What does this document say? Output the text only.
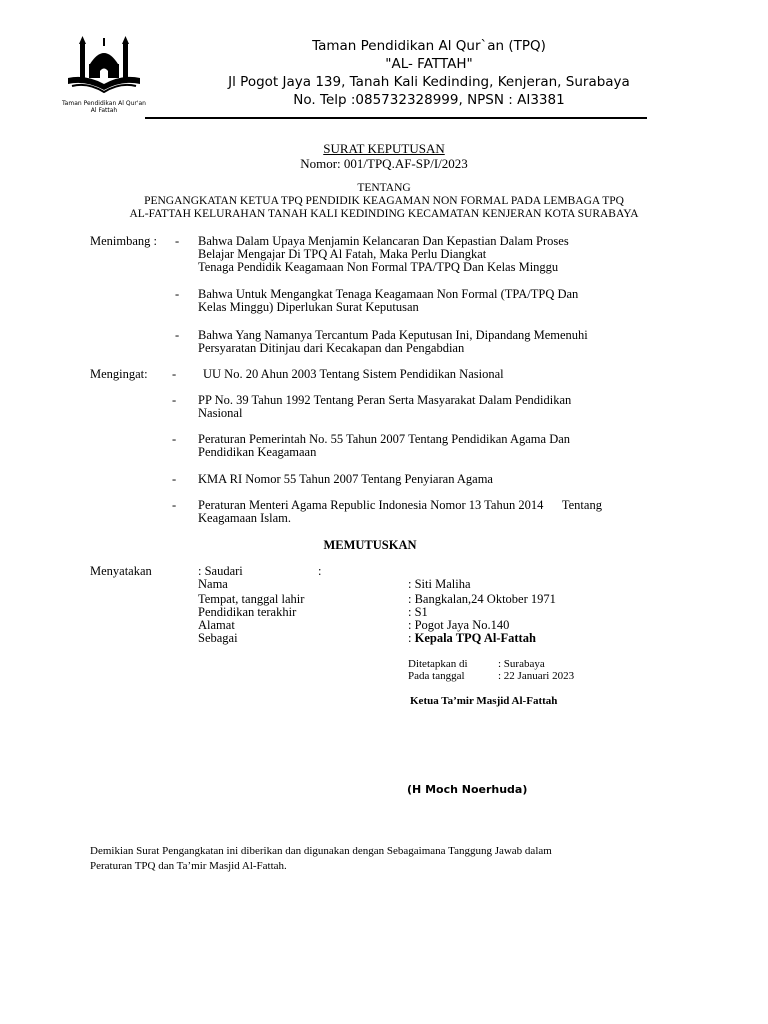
Taman Pendidikan Al Qur'an
Al Fattah
Taman Pendidikan Al Qur`an (TPQ)
"AL- FATTAH"
Jl Pogot Jaya 139, Tanah Kali Kedinding, Kenjeran, Surabaya
No. Telp :085732328999, NPSN : AI3381
SURAT KEPUTUSAN
Nomor: 001/TPQ.AF-SP/I/2023
TENTANG
PENGANGKATAN KETUA TPQ PENDIDIK KEAGAMAN NON FORMAL PADA LEMBAGA TPQ
AL-FATTAH KELURAHAN TANAH KALI KEDINDING KECAMATAN KENJERAN KOTA SURABAYA
Menimbang : - Bahwa Dalam Upaya Menjamin Kelancaran Dan Kepastian Dalam Proses
Belajar Mengajar Di TPQ Al Fatah, Maka Perlu Diangkat
Tenaga Pendidik Keagamaan Non Formal TPA/TPQ Dan Kelas Minggu
- Bahwa Untuk Mengangkat Tenaga Keagamaan Non Formal (TPA/TPQ Dan
Kelas Minggu) Diperlukan Surat Keputusan
- Bahwa Yang Namanya Tercantum Pada Keputusan Ini, Dipandang Memenuhi
Persyaratan Ditinjau dari Kecakapan dan Pengabdian
Mengingat: - UU No. 20 Ahun 2003 Tentang Sistem Pendidikan Nasional
- PP No. 39 Tahun 1992 Tentang Peran Serta Masyarakat Dalam Pendidikan
Nasional
- Peraturan Pemerintah No. 55 Tahun 2007 Tentang Pendidikan Agama Dan
Pendidikan Keagamaan
- KMA RI Nomor 55 Tahun 2007 Tentang Penyiaran Agama
- Peraturan Menteri Agama Republic Indonesia Nomor 13 Tahun 2014      Tentang
Keagamaan Islam.
MEMUTUSKAN
Menyatakan	: Saudari	:
Nama	: Siti Maliha
Tempat, tanggal lahir	: Bangkalan,24 Oktober 1971
Pendidikan terakhir	: S1
Alamat	: Pogot Jaya No.140
Sebagai	: Kepala TPQ Al-Fattah
Ditetapkan di	: Surabaya
Pada tanggal	: 22 Januari 2023
Ketua Ta’mir Masjid Al-Fattah
(H Moch Noerhuda)
Demikian Surat Pengangkatan ini diberikan dan digunakan dengan Sebagaimana Tanggung Jawab dalam
Peraturan TPQ dan Ta’mir Masjid Al-Fattah.
